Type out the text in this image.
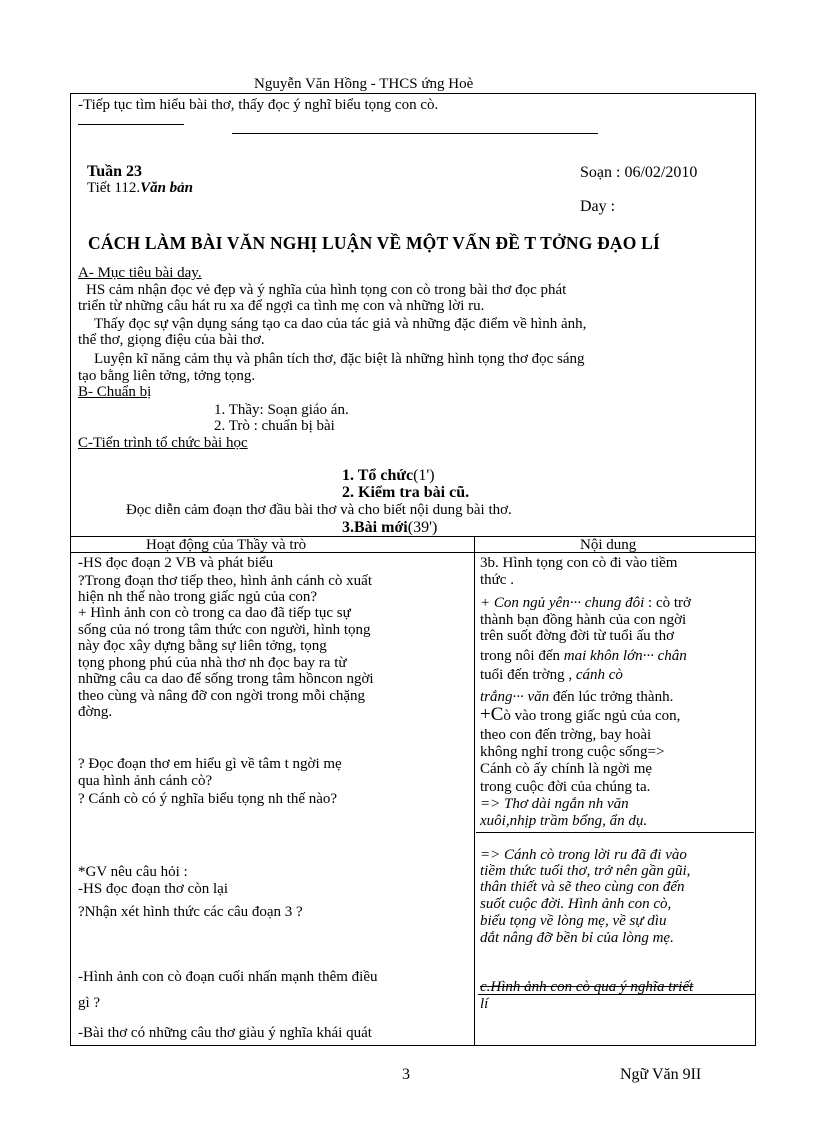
Nguyễn Văn Hồng - THCS ứng Hoè
-Tiếp tục tìm hiểu bài thơ, thấy đọc ý nghĩ biểu tọng con cò.
Tuần 23
Tiết 112.Văn bản
Soạn : 06/02/2010
Day :
CÁCH LÀM BÀI VĂN NGHỊ LUẬN VỀ MỘT VẤN ĐỀ T TỞNG ĐẠO LÍ
A- Mục tiêu bài day.
HS cảm nhận đọc vẻ đẹp và ý nghĩa của hình tọng con cò trong bài thơ đọc phát
triển từ những câu hát ru xa để ngợi ca tình mẹ con và những lời ru.
Thấy đọc sự vận dụng sáng tạo ca dao của tác giả và những đặc điểm về hình ảnh,
thể thơ, giọng điệu của bài thơ.
Luyện kĩ năng cảm thụ và phân tích thơ, đặc biệt là những hình tọng thơ đọc sáng
tạo bằng liên tởng, tởng tọng.
B- Chuẩn bị
1. Thầy: Soạn giáo án.
2. Trò : chuẩn bị bài
C-Tiến trình tổ chức bài học
1. Tổ chức(1')
2. Kiểm tra bài cũ.
Đọc diễn cảm đoạn thơ đầu bài thơ và cho biết nội dung bài thơ.
3.Bài mới(39')
Hoạt động của Thầy và trò	Nội dung
-HS đọc đoạn 2 VB và phát biểu
?Trong đoạn thơ tiếp theo, hình ảnh cánh cò xuất
hiện nh thế nào trong giấc ngủ của con?
+ Hình ảnh con cò trong ca dao đã tiếp tục sự
sống của nó trong tâm thức con người, hình tọng
này đọc xây dựng bằng sự liên tởng, tọng
tọng phong phú của nhà thơ nh đọc bay ra từ
những câu ca dao để sống trong tâm hồncon ngời
theo cùng và nâng đỡ con ngời trong mỗi chặng
đờng.
? Đọc đoạn thơ em hiểu gì về tâm t ngời mẹ
qua hình ảnh cánh cò?
? Cánh cò có ý nghĩa biểu tọng nh thế nào?
*GV nêu câu hỏi :
-HS đọc đoạn thơ còn lại
?Nhận xét hình thức các câu đoạn 3 ?
-Hình ảnh con cò đoạn cuối nhấn mạnh thêm điều
gì ?
-Bài thơ có những câu thơ giàu ý nghĩa khái quát
3b. Hình tọng con cò đi vào tiềm
thức .
+ Con ngủ yên··· chung đôi : cò trở
thành bạn đồng hành của con ngời
trên suốt đờng đời từ tuổi ấu thơ
trong nôi đến mai khôn lớn··· chân
tuổi đến trờng , cánh cò
trắng··· văn đến lúc trởng thành.
+Cò vào trong giấc ngủ của con,
theo con đến trờng, bay hoài
không nghỉ trong cuộc sống=>
Cánh cò ấy chính là ngời mẹ
trong cuộc đời của chúng ta.
=> Thơ dài ngắn nh văn
xuôi,nhịp trầm bổng, ẩn dụ.
=> Cánh cò trong lời ru đã đi vào
tiềm thức tuổi thơ, trở nên gần gũi,
thân thiết và sẽ theo cùng con đến
suốt cuộc đời. Hình ảnh con cò,
biểu tọng về lòng mẹ, về sự dìu
dắt nâng đỡ bền bỉ của lòng mẹ.
c.Hình ảnh con cò qua ý nghĩa triết
lí
3	Ngữ Văn 9II
